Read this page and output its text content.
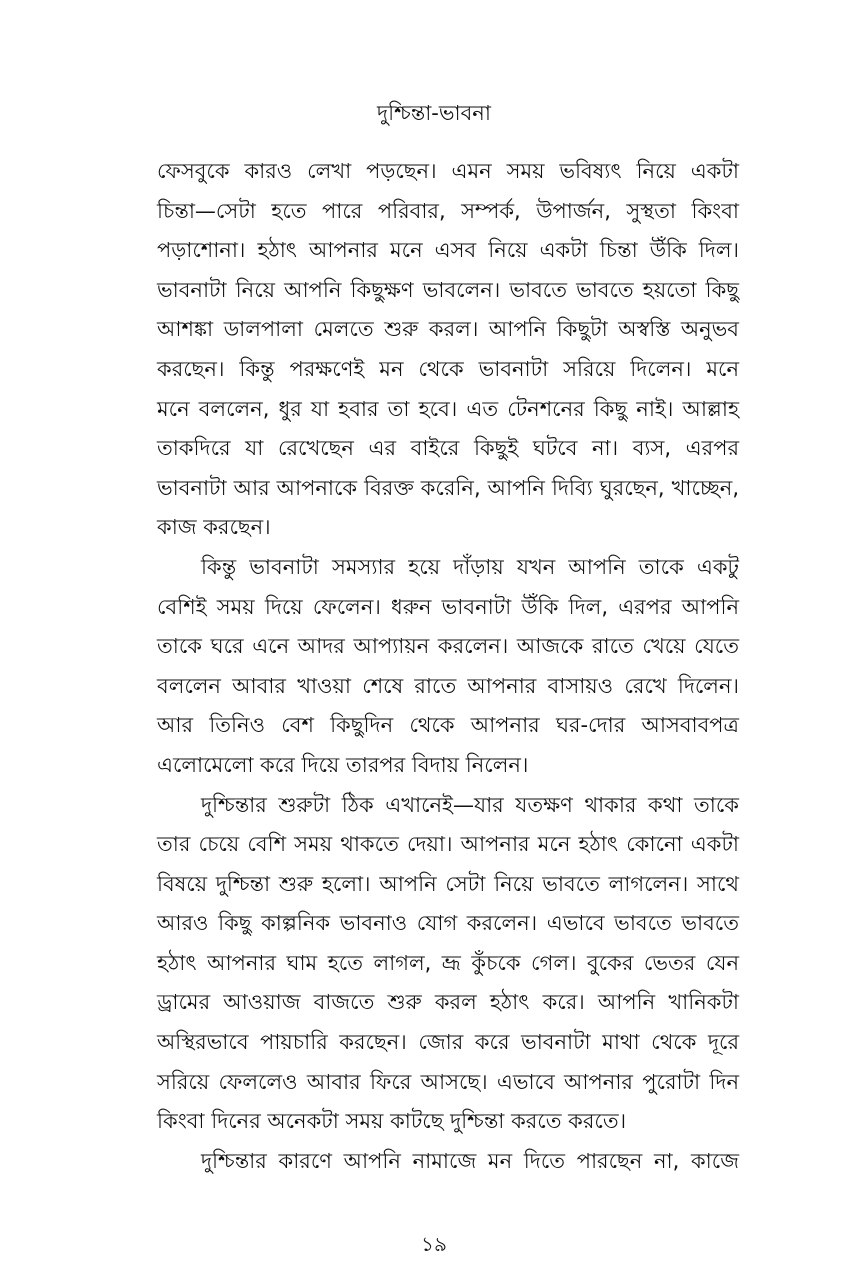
দুশ্চিন্তা-ভাবনা
ফেসবুকে কারও লেখা পড়ছেন। এমন সময় ভবিষ্যৎ নিয়ে একটা
চিন্তা—সেটা হতে পারে পরিবার, সম্পর্ক, উপার্জন, সুস্থতা কিংবা
পড়াশোনা। হঠাৎ আপনার মনে এসব নিয়ে একটা চিন্তা উঁকি দিল।
ভাবনাটা নিয়ে আপনি কিছুক্ষণ ভাবলেন। ভাবতে ভাবতে হয়তো কিছু
আশঙ্কা ডালপালা মেলতে শুরু করল। আপনি কিছুটা অস্বস্তি অনুভব
করছেন। কিন্তু পরক্ষণেই মন থেকে ভাবনাটা সরিয়ে দিলেন। মনে
মনে বললেন, ধুর যা হবার তা হবে। এত টেনশনের কিছু নাই। আল্লাহ
তাকদিরে যা রেখেছেন এর বাইরে কিছুই ঘটবে না। ব্যস, এরপর
ভাবনাটা আর আপনাকে বিরক্ত করেনি, আপনি দিব্যি ঘুরছেন, খাচ্ছেন,
কাজ করছেন।
কিন্তু ভাবনাটা সমস্যার হয়ে দাঁড়ায় যখন আপনি তাকে একটু
বেশিই সময় দিয়ে ফেলেন। ধরুন ভাবনাটা উঁকি দিল, এরপর আপনি
তাকে ঘরে এনে আদর আপ্যায়ন করলেন। আজকে রাতে খেয়ে যেতে
বললেন আবার খাওয়া শেষে রাতে আপনার বাসায়ও রেখে দিলেন।
আর তিনিও বেশ কিছুদিন থেকে আপনার ঘর-দোর আসবাবপত্র
এলোমেলো করে দিয়ে তারপর বিদায় নিলেন।
দুশ্চিন্তার শুরুটা ঠিক এখানেই—যার যতক্ষণ থাকার কথা তাকে
তার চেয়ে বেশি সময় থাকতে দেয়া। আপনার মনে হঠাৎ কোনো একটা
বিষয়ে দুশ্চিন্তা শুরু হলো। আপনি সেটা নিয়ে ভাবতে লাগলেন। সাথে
আরও কিছু কাল্পনিক ভাবনাও যোগ করলেন। এভাবে ভাবতে ভাবতে
হঠাৎ আপনার ঘাম হতে লাগল, ভ্রূ কুঁচকে গেল। বুকের ভেতর যেন
ড্রামের আওয়াজ বাজতে শুরু করল হঠাৎ করে। আপনি খানিকটা
অস্থিরভাবে পায়চারি করছেন। জোর করে ভাবনাটা মাথা থেকে দূরে
সরিয়ে ফেললেও আবার ফিরে আসছে। এভাবে আপনার পুরোটা দিন
কিংবা দিনের অনেকটা সময় কাটছে দুশ্চিন্তা করতে করতে।
দুশ্চিন্তার কারণে আপনি নামাজে মন দিতে পারছেন না, কাজে
১৯
